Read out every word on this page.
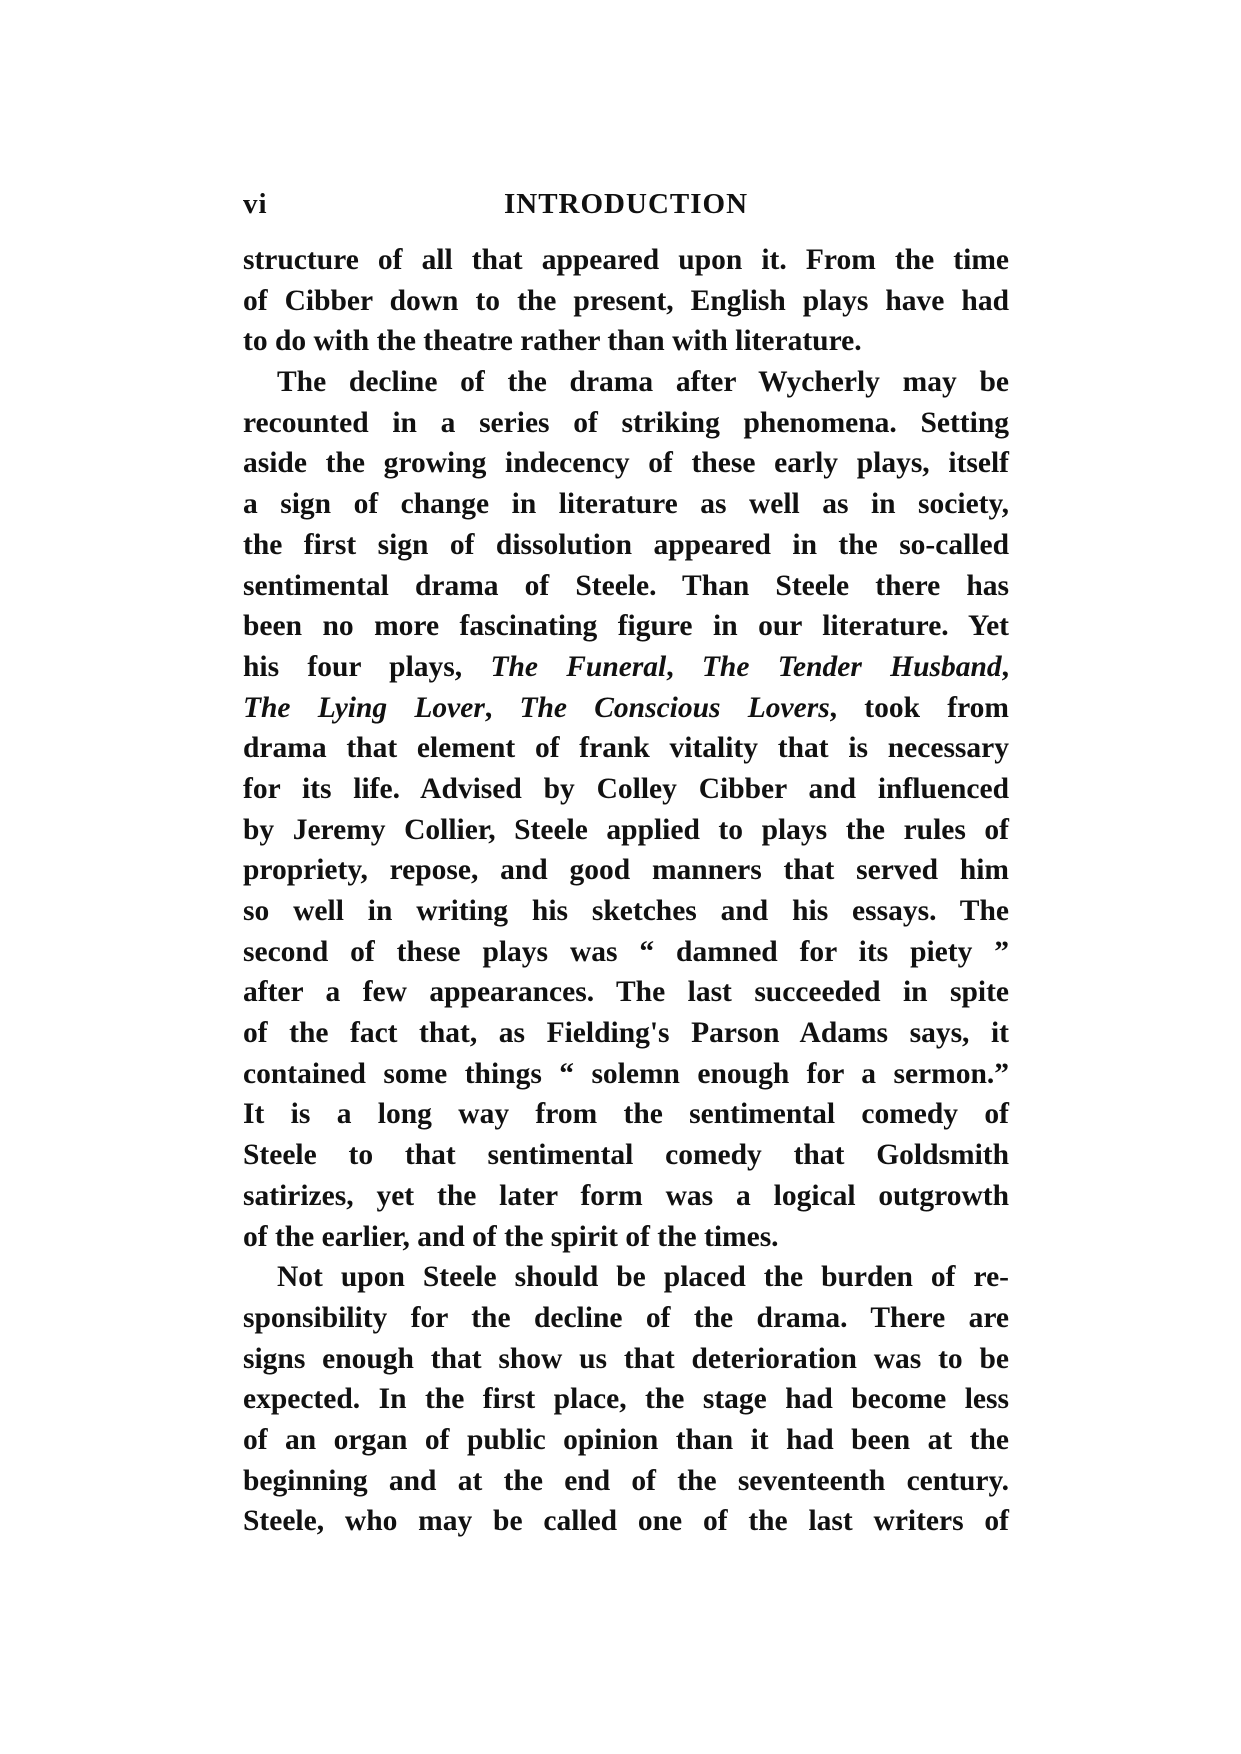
vi	INTRODUCTION
structure of all that appeared upon it. From the time
of Cibber down to the present, English plays have had
to do with the theatre rather than with literature.
The decline of the drama after Wycherly may be
recounted in a series of striking phenomena. Setting
aside the growing indecency of these early plays, itself
a sign of change in literature as well as in society,
the first sign of dissolution appeared in the so-called
sentimental drama of Steele. Than Steele there has
been no more fascinating figure in our literature. Yet
his four plays, The Funeral, The Tender Husband,
The Lying Lover, The Conscious Lovers, took from
drama that element of frank vitality that is necessary
for its life. Advised by Colley Cibber and influenced
by Jeremy Collier, Steele applied to plays the rules of
propriety, repose, and good manners that served him
so well in writing his sketches and his essays. The
second of these plays was “ damned for its piety ”
after a few appearances. The last succeeded in spite
of the fact that, as Fielding's Parson Adams says, it
contained some things “ solemn enough for a sermon.”
It is a long way from the sentimental comedy of
Steele to that sentimental comedy that Goldsmith
satirizes, yet the later form was a logical outgrowth
of the earlier, and of the spirit of the times.
Not upon Steele should be placed the burden of re-
sponsibility for the decline of the drama. There are
signs enough that show us that deterioration was to be
expected. In the first place, the stage had become less
of an organ of public opinion than it had been at the
beginning and at the end of the seventeenth century.
Steele, who may be called one of the last writers of
